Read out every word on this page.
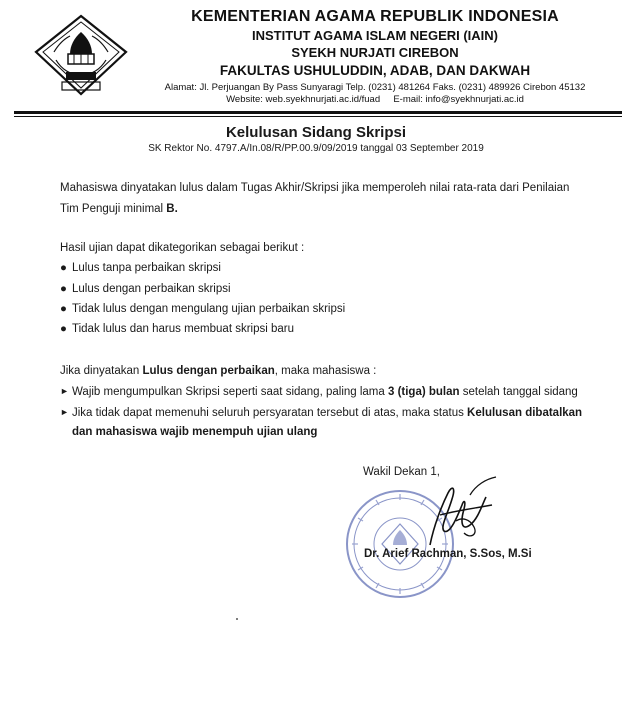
KEMENTERIAN AGAMA REPUBLIK INDONESIA
INSTITUT AGAMA ISLAM NEGERI (IAIN)
SYEKH NURJATI CIREBON
FAKULTAS USHULUDDIN, ADAB, DAN DAKWAH
Alamat: Jl. Perjuangan By Pass Sunyaragi Telp. (0231) 481264 Faks. (0231) 489926 Cirebon 45132
Website: web.syekhnurjati.ac.id/fuad     E-mail: info@syekhnurjati.ac.id
Kelulusan Sidang Skripsi
SK Rektor No. 4797.A/In.08/R/PP.00.9/09/2019 tanggal 03 September 2019
Mahasiswa dinyatakan lulus dalam Tugas Akhir/Skripsi jika memperoleh nilai rata-rata dari Penilaian
Tim Penguji minimal B.
Hasil ujian dapat dikategorikan sebagai berikut :
● Lulus tanpa perbaikan skripsi
● Lulus dengan perbaikan skripsi
● Tidak lulus dengan mengulang ujian perbaikan skripsi
● Tidak lulus dan harus membuat skripsi baru
Jika dinyatakan Lulus dengan perbaikan, maka mahasiswa :
► Wajib mengumpulkan Skripsi seperti saat sidang, paling lama 3 (tiga) bulan setelah tanggal sidang
► Jika tidak dapat memenuhi seluruh persyaratan tersebut di atas, maka status Kelulusan dibatalkan
dan mahasiswa wajib menempuh ujian ulang
Wakil Dekan 1,
Dr. Arief Rachman, S.Sos, M.Si
